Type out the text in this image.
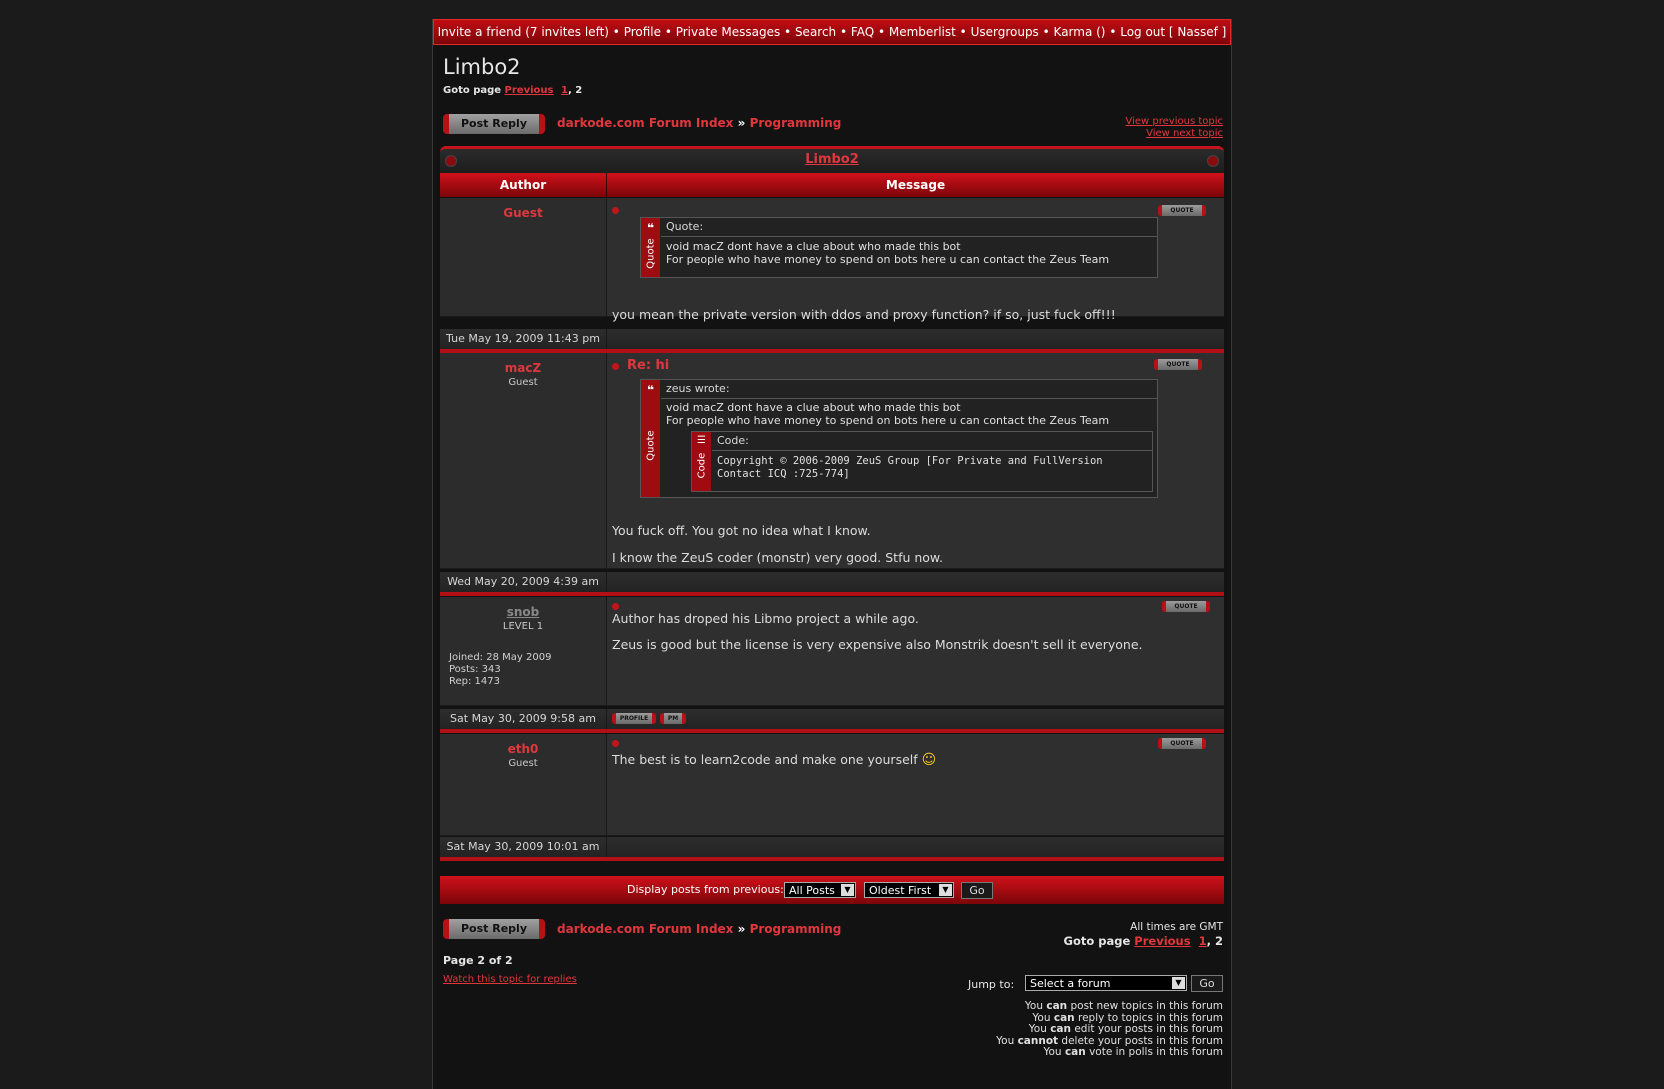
Invite a friend (7 invites left) • Profile • Private Messages • Search • FAQ • Memberlist • Usergroups • Karma () • Log out [ Nassef ]
Limbo2
Goto page Previous 1, 2
Post Reply	darkode.com Forum Index » Programming	View previous topic
View next topic
Limbo2
Author	Message
Guest	QUOTE
❝
Quote
Quote:
void macZ dont have a clue about who made this bot
For people who have money to spend on bots here u can contact the Zeus Team
you mean the private version with ddos and proxy function? if so, just fuck off!!!
Tue May 19, 2009 11:43 pm
macZ
Guest
Re: hi	QUOTE
❝
Quote
zeus wrote:
void macZ dont have a clue about who made this bot
For people who have money to spend on bots here u can contact the Zeus Team
☰
Code
Code:
Copyright © 2006-2009 ZeuS Group [For Private and FullVersion
Contact ICQ :725-774]
You fuck off. You got no idea what I know.
I know the ZeuS coder (monstr) very good. Stfu now.
Wed May 20, 2009 4:39 am
snob
LEVEL 1
Joined: 28 May 2009
Posts: 343
Rep: 1473
QUOTE
Author has droped his Libmo project a while ago.
Zeus is good but the license is very expensive also Monstrik doesn't sell it everyone.
Sat May 30, 2009 9:58 am	PROFILE	PM
eth0
Guest
QUOTE
The best is to learn2code and make one yourself ☺
Sat May 30, 2009 10:01 am
Display posts from previous: All Posts	▼	Oldest First	▼	Go
Post Reply	darkode.com Forum Index » Programming	All times are GMT
Goto page Previous 1, 2
Page 2 of 2
Watch this topic for replies	Jump to:	Select a forum	▼	Go
You can post new topics in this forum
You can reply to topics in this forum
You can edit your posts in this forum
You cannot delete your posts in this forum
You can vote in polls in this forum
